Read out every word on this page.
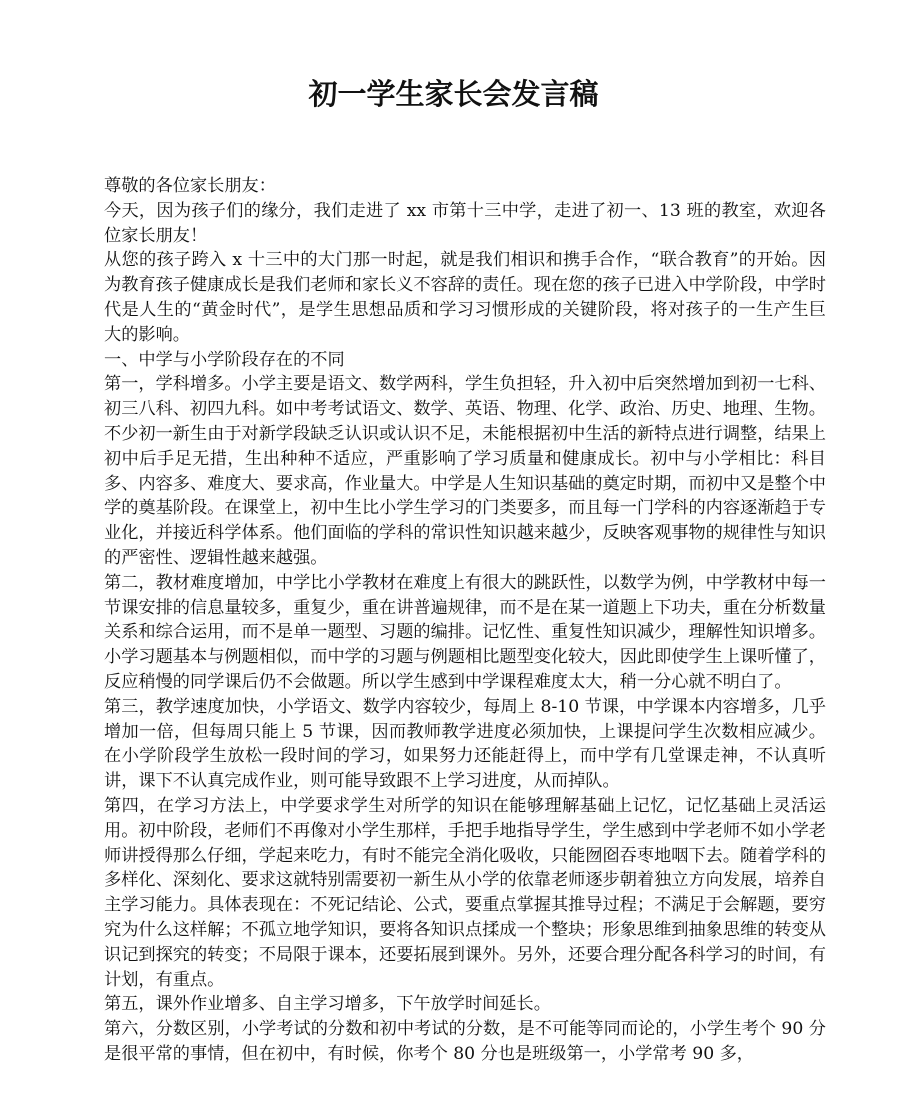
初一学生家长会发言稿

尊敬的各位家长朋友：

今天，因为孩子们的缘分，我们走进了 xx 市第十三中学，走进了初一、13 班的教室，欢迎各位家长朋友！

从您的孩子跨入 x 十三中的大门那一时起，就是我们相识和携手合作，“联合教育”的开始。因为教育孩子健康成长是我们老师和家长义不容辞的责任。现在您的孩子已进入中学阶段，中学时代是人生的“黄金时代”，是学生思想品质和学习习惯形成的关键阶段，将对孩子的一生产生巨大的影响。

一、中学与小学阶段存在的不同

第一，学科增多。小学主要是语文、数学两科，学生负担轻，升入初中后突然增加到初一七科、初三八科、初四九科。如中考考试语文、数学、英语、物理、化学、政治、历史、地理、生物。不少初一新生由于对新学段缺乏认识或认识不足，未能根据初中生活的新特点进行调整，结果上初中后手足无措，生出种种不适应，严重影响了学习质量和健康成长。初中与小学相比：科目多、内容多、难度大、要求高，作业量大。中学是人生知识基础的奠定时期，而初中又是整个中学的奠基阶段。在课堂上，初中生比小学生学习的门类要多，而且每一门学科的内容逐渐趋于专业化，并接近科学体系。他们面临的学科的常识性知识越来越少，反映客观事物的规律性与知识的严密性、逻辑性越来越强。

第二，教材难度增加，中学比小学教材在难度上有很大的跳跃性，以数学为例，中学教材中每一节课安排的信息量较多，重复少，重在讲普遍规律，而不是在某一道题上下功夫，重在分析数量关系和综合运用，而不是单一题型、习题的编排。记忆性、重复性知识减少，理解性知识增多。小学习题基本与例题相似，而中学的习题与例题相比题型变化较大，因此即使学生上课听懂了，反应稍慢的同学课后仍不会做题。所以学生感到中学课程难度太大，稍一分心就不明白了。

第三，教学速度加快，小学语文、数学内容较少，每周上 8-10 节课，中学课本内容增多，几乎增加一倍，但每周只能上 5 节课，因而教师教学进度必须加快，上课提问学生次数相应减少。在小学阶段学生放松一段时间的学习，如果努力还能赶得上，而中学有几堂课走神，不认真听讲，课下不认真完成作业，则可能导致跟不上学习进度，从而掉队。

第四，在学习方法上，中学要求学生对所学的知识在能够理解基础上记忆，记忆基础上灵活运用。初中阶段，老师们不再像对小学生那样，手把手地指导学生，学生感到中学老师不如小学老师讲授得那么仔细，学起来吃力，有时不能完全消化吸收，只能囫囵吞枣地咽下去。随着学科的多样化、深刻化、要求这就特别需要初一新生从小学的依靠老师逐步朝着独立方向发展，培养自主学习能力。具体表现在：不死记结论、公式，要重点掌握其推导过程；不满足于会解题，要穷究为什么这样解；不孤立地学知识，要将各知识点揉成一个整块；形象思维到抽象思维的转变从识记到探究的转变；不局限于课本，还要拓展到课外。另外，还要合理分配各科学习的时间，有计划，有重点。

第五，课外作业增多、自主学习增多，下午放学时间延长。

第六，分数区别，小学考试的分数和初中考试的分数，是不可能等同而论的，小学生考个 90 分是很平常的事情，但在初中，有时候，你考个 80 分也是班级第一，小学常考 90 多，
